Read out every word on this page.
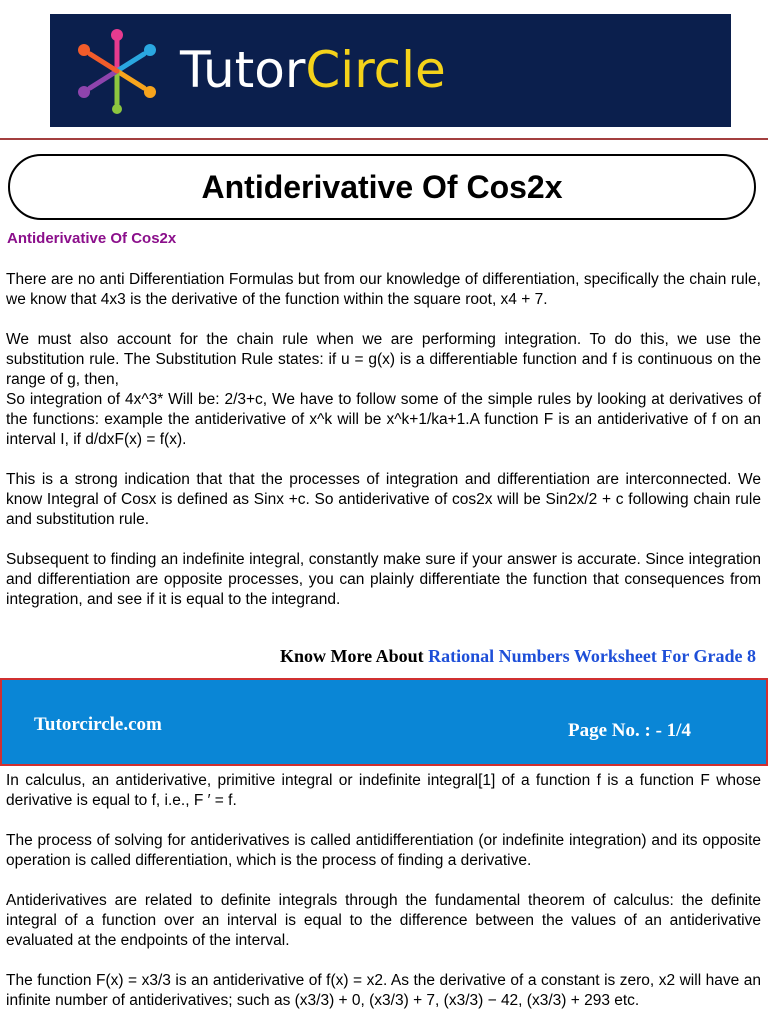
TutorCircle
Antiderivative Of Cos2x
Antiderivative Of Cos2x

There are no anti Differentiation Formulas but from our knowledge of differentiation, specifically the chain rule, we know that 4x3 is the derivative of the function within the square root, x4 + 7.

We must also account for the chain rule when we are performing integration. To do this, we use the substitution rule. The Substitution Rule states: if u = g(x) is a differentiable function and f is continuous on the range of g, then,

So integration of 4x^3* Will be: 2/3+c, We have to follow some of the simple rules by looking at derivatives of the functions: example the antiderivative of x^k will be x^k+1/ka+1.A function F is an antiderivative of f on an interval I, if d/dxF(x) = f(x).

This is a strong indication that that the processes of integration and differentiation are interconnected. We know Integral of Cosx is defined as Sinx +c. So antiderivative of cos2x will be Sin2x/2 + c following chain rule and substitution rule.

Subsequent to finding an indefinite integral, constantly make sure if your answer is accurate. Since integration and differentiation are opposite processes, you can plainly differentiate the function that consequences from integration, and see if it is equal to the integrand.

Know More About Rational Numbers Worksheet For Grade 8
Tutorcircle.com	Page No. : - 1/4

In calculus, an antiderivative, primitive integral or indefinite integral[1] of a function f is a function F whose derivative is equal to f, i.e., F ′ = f.

The process of solving for antiderivatives is called antidifferentiation (or indefinite integration) and its opposite operation is called differentiation, which is the process of finding a derivative.

Antiderivatives are related to definite integrals through the fundamental theorem of calculus: the definite integral of a function over an interval is equal to the difference between the values of an antiderivative evaluated at the endpoints of the interval.

The function F(x) = x3/3 is an antiderivative of f(x) = x2. As the derivative of a constant is zero, x2 will have an infinite number of antiderivatives; such as (x3/3) + 0, (x3/3) + 7, (x3/3) − 42, (x3/3) + 293 etc.
